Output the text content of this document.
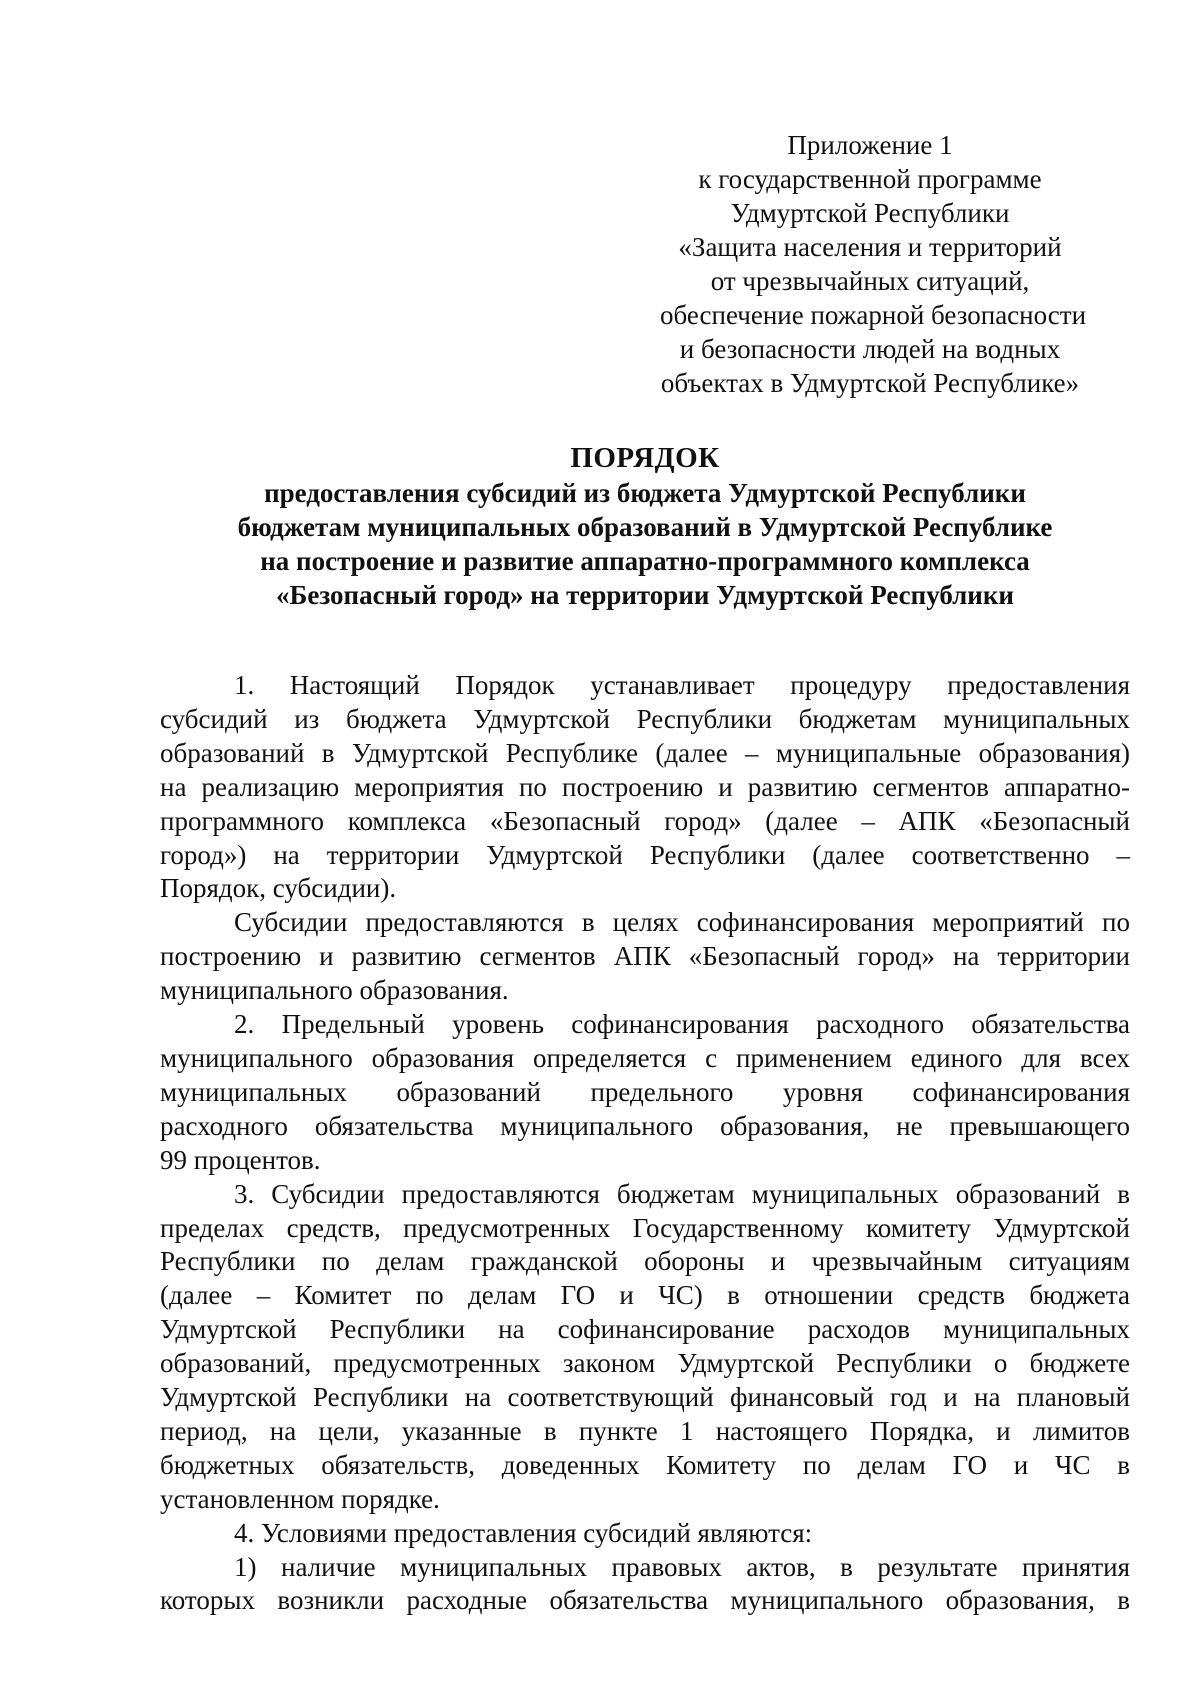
Приложение 1
к государственной программе
Удмуртской Республики
«Защита населения и территорий
от чрезвычайных ситуаций,
обеспечение пожарной безопасности
и безопасности людей на водных
объектах в Удмуртской Республике»
ПОРЯДОК
предоставления субсидий из бюджета Удмуртской Республики
бюджетам муниципальных образований в Удмуртской Республике
на построение и развитие аппаратно-программного комплекса
«Безопасный город» на территории Удмуртской Республики
1. Настоящий Порядок устанавливает процедуру предоставления
субсидий из бюджета Удмуртской Республики бюджетам муниципальных
образований в Удмуртской Республике (далее – муниципальные образования)
на реализацию мероприятия по построению и развитию сегментов аппаратно-
программного комплекса «Безопасный город» (далее – АПК «Безопасный
город») на территории Удмуртской Республики (далее соответственно –
Порядок, субсидии).
Субсидии предоставляются в целях софинансирования мероприятий по
построению и развитию сегментов АПК «Безопасный город» на территории
муниципального образования.
2. Предельный уровень софинансирования расходного обязательства
муниципального образования определяется с применением единого для всех
муниципальных образований предельного уровня софинансирования
расходного обязательства муниципального образования, не превышающего
99 процентов.
3. Субсидии предоставляются бюджетам муниципальных образований в
пределах средств, предусмотренных Государственному комитету Удмуртской
Республики по делам гражданской обороны и чрезвычайным ситуациям
(далее – Комитет по делам ГО и ЧС) в отношении средств бюджета
Удмуртской Республики на софинансирование расходов муниципальных
образований, предусмотренных законом Удмуртской Республики о бюджете
Удмуртской Республики на соответствующий финансовый год и на плановый
период, на цели, указанные в пункте 1 настоящего Порядка, и лимитов
бюджетных обязательств, доведенных Комитету по делам ГО и ЧС в
установленном порядке.
4. Условиями предоставления субсидий являются:
1) наличие муниципальных правовых актов, в результате принятия
которых возникли расходные обязательства муниципального образования, в
